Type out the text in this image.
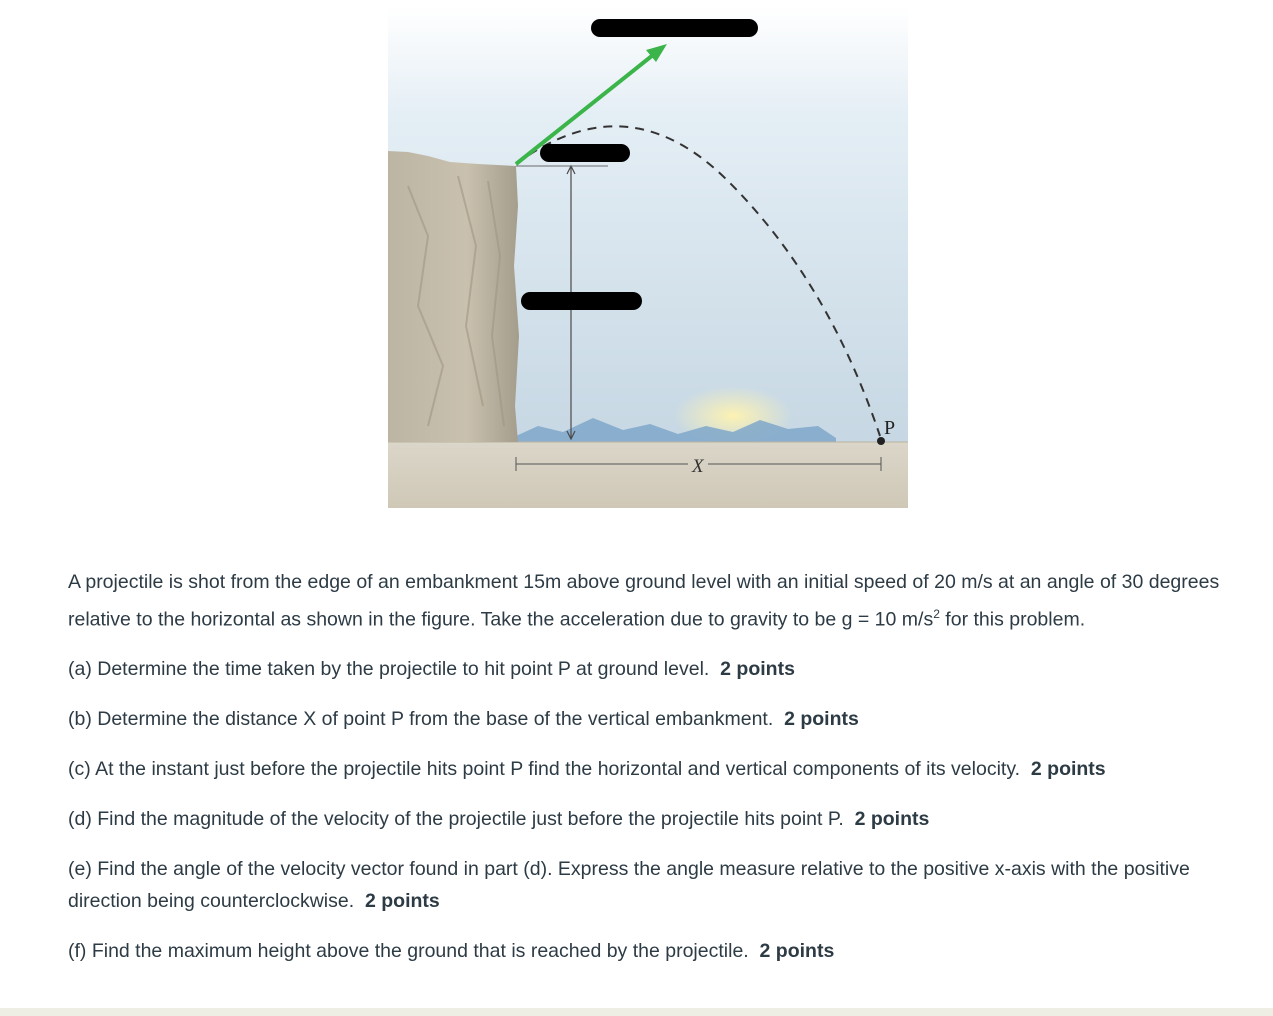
P
X

A projectile is shot from the edge of an embankment 15m above ground level with an initial speed of 20 m/s at an angle of 30 degrees relative to the horizontal as shown in the figure. Take the acceleration due to gravity to be g = 10 $m/s^2$ for this problem.

(a) Determine the time taken by the projectile to hit point P at ground level. 2 points

(b) Determine the distance X of point P from the base of the vertical embankment. 2 points

(c) At the instant just before the projectile hits point P find the horizontal and vertical components of its velocity. 2 points

(d) Find the magnitude of the velocity of the projectile just before the projectile hits point P. 2 points

(e) Find the angle of the velocity vector found in part (d). Express the angle measure relative to the positive x-axis with the positive direction being counterclockwise. 2 points

(f) Find the maximum height above the ground that is reached by the projectile. 2 points
